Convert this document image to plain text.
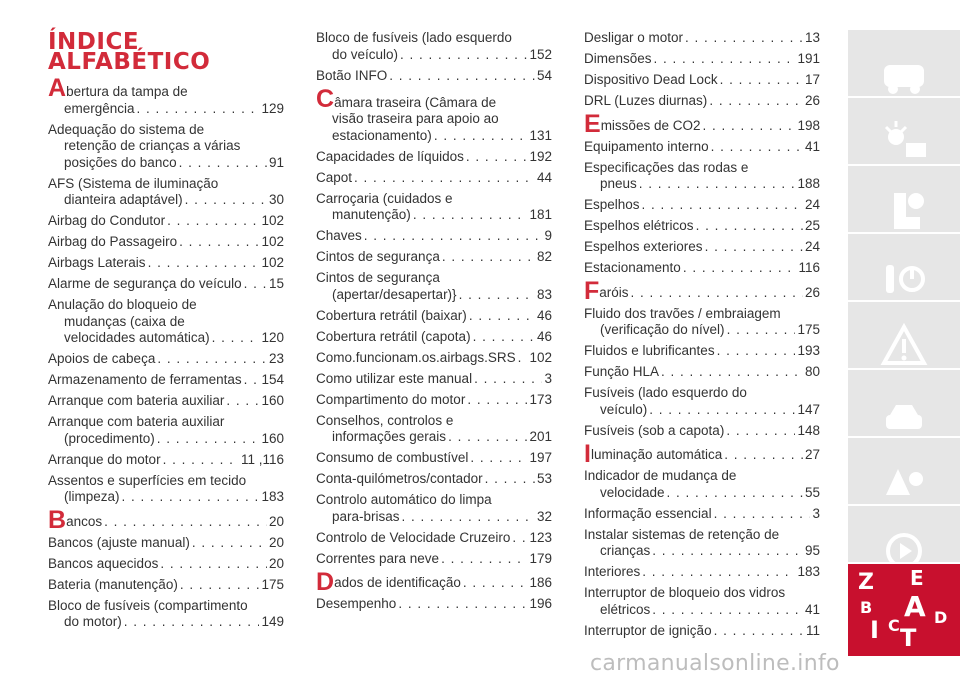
ÍNDICE
ALFABÉTICO
A bertura da tampa de
emergência . . .	129
Adequação do sistema de
retenção de crianças a várias
posições do banco . . .	91
AFS (Sistema de iluminação
dianteira adaptável) . . .	30
Airbag do Condutor . . .	102
Airbag do Passageiro . . .	102
Airbags Laterais . . .	102
Alarme de segurança do veículo . . . 15
Anulação do bloqueio de
mudanças (caixa de
velocidades automática) . . .	120
Apoios de cabeça . . .	23
Armazenamento de ferramentas . . . 154
Arranque com bateria auxiliar . . .	160
Arranque com bateria auxiliar
(procedimento) . . .	160
Arranque do motor . . .	11 ,116
Assentos e superfícies em tecido
(limpeza) . . .	183
B ancos . . .	20
Bancos (ajuste manual) . . .	20
Bancos aquecidos . . .	20
Bateria (manutenção) . . .	175
Bloco de fusíveis (compartimento
do motor) . . .	149
Bloco de fusíveis (lado esquerdo
do veículo) . . .	152
Botão INFO . . .	54
C âmara traseira (Câmara de
visão traseira para apoio ao
estacionamento) . . .	131
Capacidades de líquidos . . .	192
Capot . . .	44
Carroçaria (cuidados e
manutenção) . . .	181
Chaves . . .	9
Cintos de segurança . . .	82
Cintos de segurança
(apertar/desapertar)} . . .	83
Cobertura retrátil (baixar) . . .	46
Cobertura retrátil (capota) . . .	46
Como.funcionam.os.airbags.SRS . . . 102
Como utilizar este manual . . .	3
Compartimento do motor . . .	173
Conselhos, controlos e
informações gerais . . .	201
Consumo de combustível . . .	197
Conta-quilómetros/contador . . .	53
Controlo automático do limpa
para-brisas . . .	32
Controlo de Velocidade Cruzeiro . . . 123
Correntes para neve . . .	179
D ados de identificação . . .	186
Desempenho . . .	196
Desligar o motor . . .	13
Dimensões . . .	191
Dispositivo Dead Lock . . .	17
DRL (Luzes diurnas) . . .	26
E missões de CO2 . . .	198
Equipamento interno . . .	41
Especificações das rodas e
pneus . . .	188
Espelhos . . .	24
Espelhos elétricos . . .	25
Espelhos exteriores . . .	24
Estacionamento . . .	116
F aróis . . .	26
Fluido dos travões / embraiagem
(verificação do nível) . . .	175
Fluidos e lubrificantes . . .	193
Função HLA . . .	80
Fusíveis (lado esquerdo do
veículo) . . .	147
Fusíveis (sob a capota) . . .	148
I luminação automática . . .	27
Indicador de mudança de
velocidade . . .	55
Informação essencial . . .	3
Instalar sistemas de retenção de
crianças . . .	95
Interiores . . .	183
Interruptor de bloqueio dos vidros
elétricos . . .	41
Interruptor de ignição . . .	11
Z E
B A D
I C T
carmanualsonline.info
